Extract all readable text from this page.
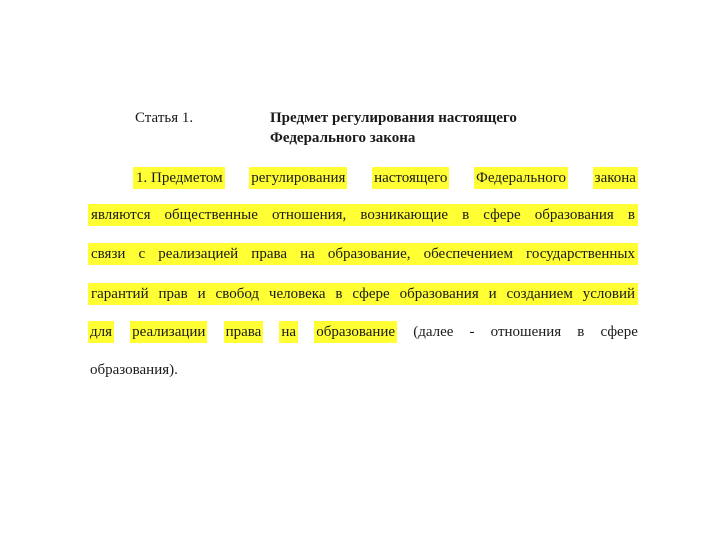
Статья 1.	Предмет регулирования настоящего Федерального закона
1. Предметом регулирования настоящего Федерального закона
являются общественные отношения, возникающие в сфере образования в
связи с реализацией права на образование, обеспечением государственных
гарантий прав и свобод человека в сфере образования и созданием условий
для реализации права на образование (далее - отношения в сфере
образования).
